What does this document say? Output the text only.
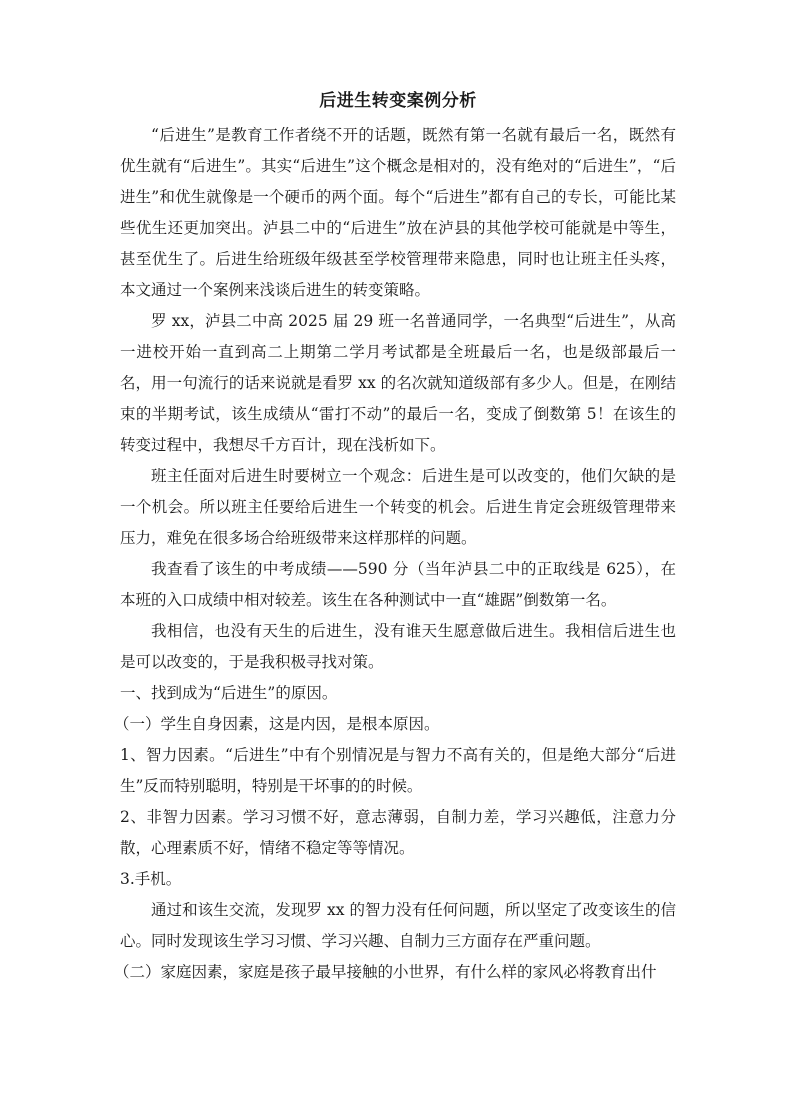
后进生转变案例分析

“后进生”是教育工作者绕不开的话题，既然有第一名就有最后一名，既然有优生就有“后进生”。其实“后进生”这个概念是相对的，没有绝对的“后进生”，“后进生”和优生就像是一个硬币的两个面。每个“后进生”都有自己的专长，可能比某些优生还更加突出。泸县二中的“后进生”放在泸县的其他学校可能就是中等生，甚至优生了。后进生给班级年级甚至学校管理带来隐患，同时也让班主任头疼，本文通过一个案例来浅谈后进生的转变策略。

罗 xx，泸县二中高 2025 届 29 班一名普通同学，一名典型“后进生”，从高一进校开始一直到高二上期第二学月考试都是全班最后一名，也是级部最后一名，用一句流行的话来说就是看罗 xx 的名次就知道级部有多少人。但是，在刚结束的半期考试，该生成绩从“雷打不动”的最后一名，变成了倒数第 5！在该生的转变过程中，我想尽千方百计，现在浅析如下。

班主任面对后进生时要树立一个观念：后进生是可以改变的，他们欠缺的是一个机会。所以班主任要给后进生一个转变的机会。后进生肯定会班级管理带来压力，难免在很多场合给班级带来这样那样的问题。

我查看了该生的中考成绩——590 分（当年泸县二中的正取线是 625），在本班的入口成绩中相对较差。该生在各种测试中一直“雄踞”倒数第一名。

我相信，也没有天生的后进生，没有谁天生愿意做后进生。我相信后进生也是可以改变的，于是我积极寻找对策。

一、找到成为“后进生”的原因。

（一）学生自身因素，这是内因，是根本原因。

1、智力因素。“后进生”中有个别情况是与智力不高有关的，但是绝大部分“后进生”反而特别聪明，特别是干坏事的的时候。

2、非智力因素。学习习惯不好，意志薄弱，自制力差，学习兴趣低，注意力分散，心理素质不好，情绪不稳定等等情况。

3.手机。

通过和该生交流，发现罗 xx 的智力没有任何问题，所以坚定了改变该生的信心。同时发现该生学习习惯、学习兴趣、自制力三方面存在严重问题。

（二）家庭因素，家庭是孩子最早接触的小世界，有什么样的家风必将教育出什
